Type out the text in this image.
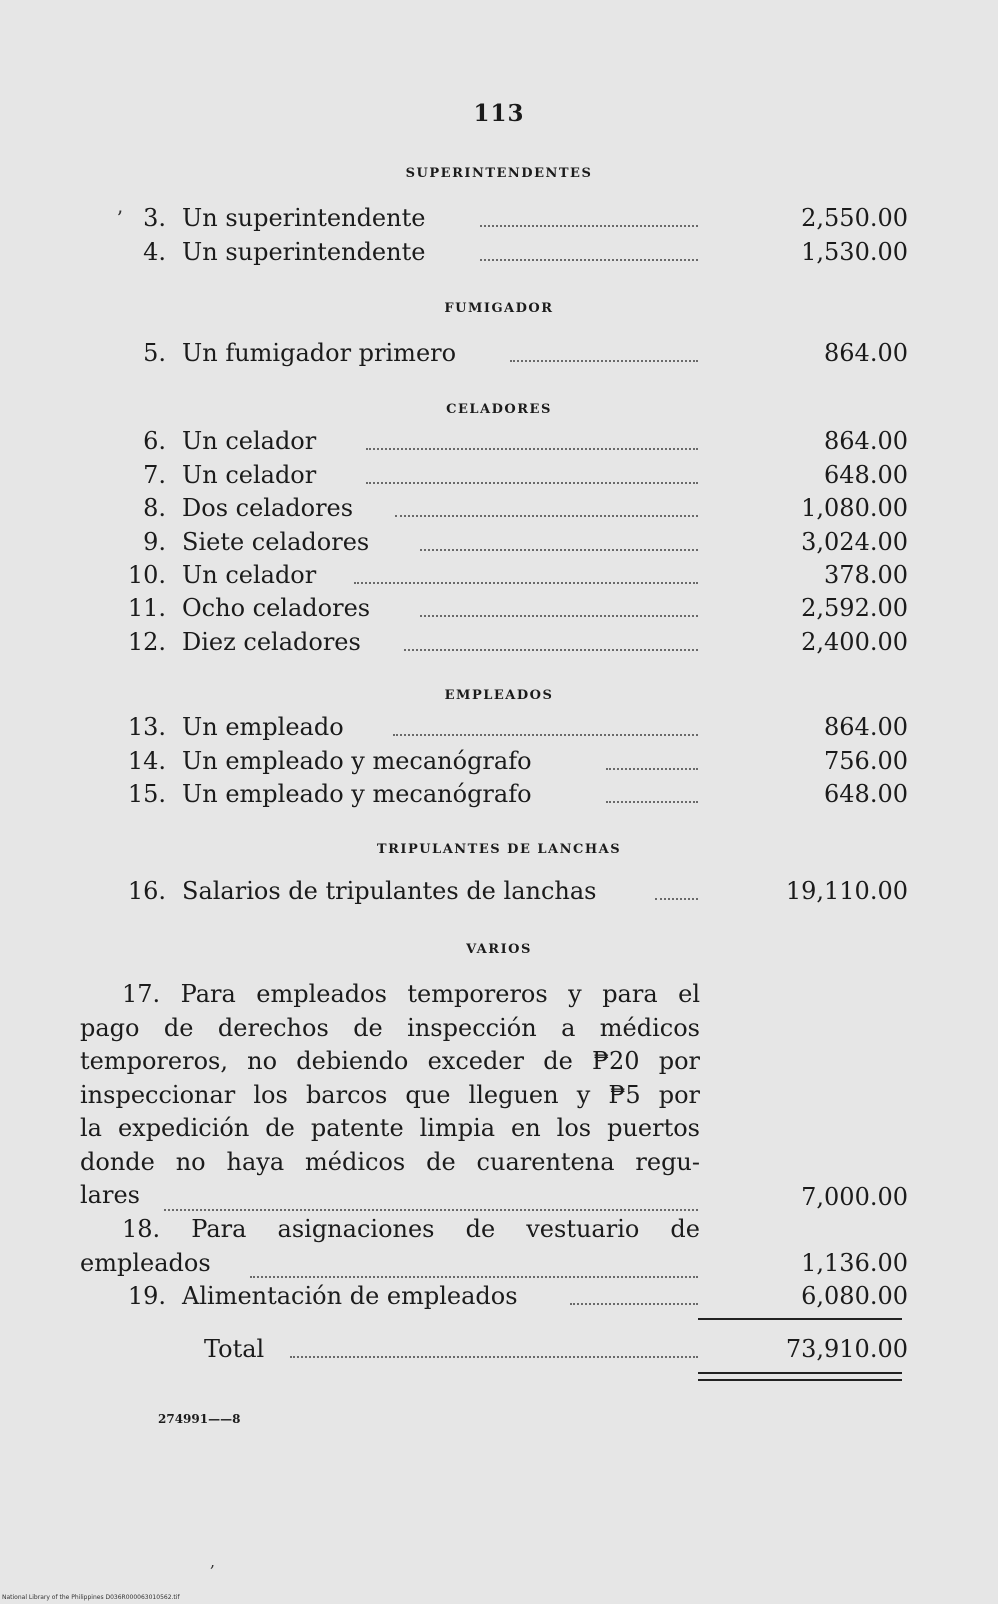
113
SUPERINTENDENTES
ʼ 3. Un superintendente	2,550.00
4. Un superintendente	1,530.00
FUMIGADOR
5. Un fumigador primero	864.00
CELADORES
6. Un celador	864.00
7. Un celador	648.00
8. Dos celadores	1,080.00
9. Siete celadores	3,024.00
10. Un celador	378.00
11. Ocho celadores	2,592.00
12. Diez celadores	2,400.00
EMPLEADOS
13. Un empleado	864.00
14. Un empleado y mecanógrafo	756.00
15. Un empleado y mecanógrafo	648.00
TRIPULANTES DE LANCHAS
16. Salarios de tripulantes de lanchas	19,110.00
VARIOS
17. Para empleados temporeros y para el
pago de derechos de inspección a médicos
temporeros, no debiendo exceder de ₱20 por
inspeccionar los barcos que lleguen y ₱5 por
la expedición de patente limpia en los puertos
donde no haya médicos de cuarentena regu-
lares	7,000.00
18. Para asignaciones de vestuario de
empleados	1,136.00
19. Alimentación de empleados	6,080.00
Total	73,910.00
274991——8
,
National Library of the Philippines D036R000063010562.tif
